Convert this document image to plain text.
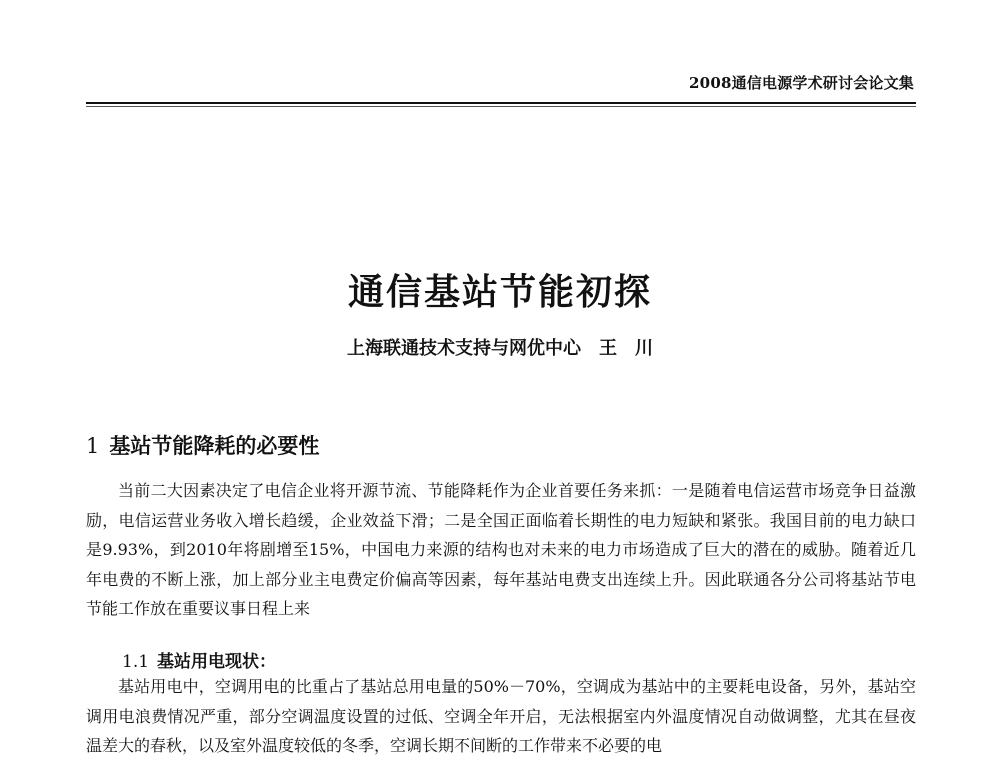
2008通信电源学术研讨会论文集
通信基站节能初探
上海联通技术支持与网优中心　王　川
1 基站节能降耗的必要性
当前二大因素决定了电信企业将开源节流、节能降耗作为企业首要任务来抓：一是随着电信运营市场竞争日益激励，电信运营业务收入增长趋缓，企业效益下滑；二是全国正面临着长期性的电力短缺和紧张。我国目前的电力缺口是9.93%，到2010年将剧增至15%，中国电力来源的结构也对未来的电力市场造成了巨大的潜在的威胁。随着近几年电费的不断上涨，加上部分业主电费定价偏高等因素，每年基站电费支出连续上升。因此联通各分公司将基站节电节能工作放在重要议事日程上来
1.1 基站用电现状：
基站用电中，空调用电的比重占了基站总用电量的50%－70%，空调成为基站中的主要耗电设备，另外，基站空调用电浪费情况严重，部分空调温度设置的过低、空调全年开启，无法根据室内外温度情况自动做调整，尤其在昼夜温差大的春秋，以及室外温度较低的冬季，空调长期不间断的工作带来不必要的电
